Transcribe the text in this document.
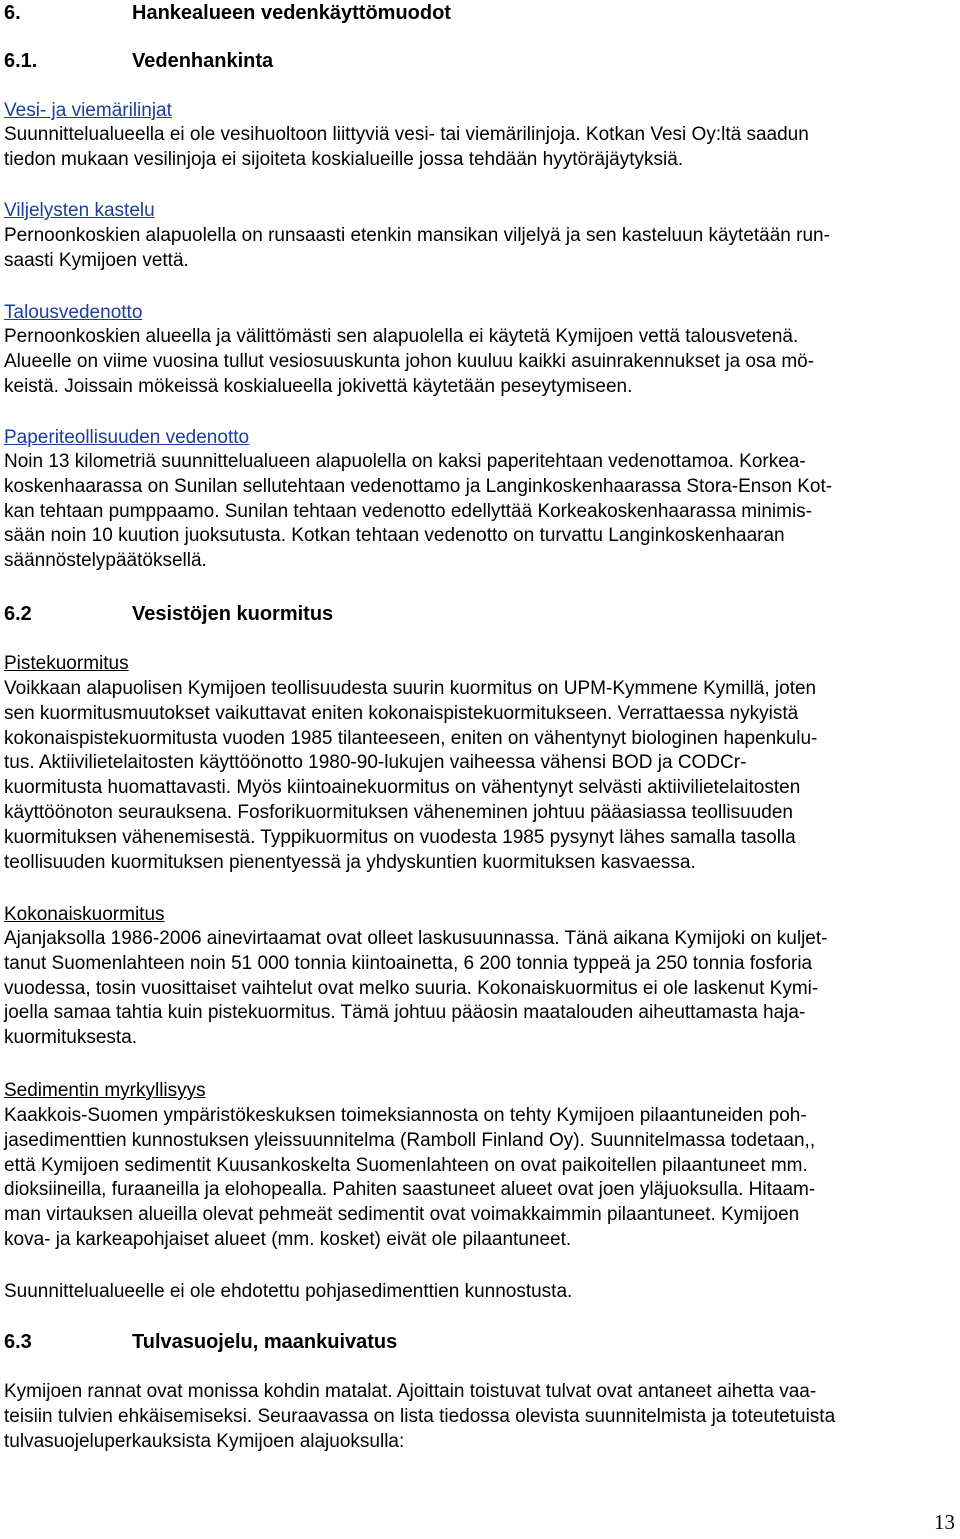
6.	Hankealueen vedenkäyttömuodot
6.1.	Vedenhankinta
Vesi- ja viemärilinjat
Suunnittelualueella ei ole vesihuoltoon liittyviä vesi- tai viemärilinjoja. Kotkan Vesi Oy:ltä saadun
tiedon mukaan vesilinjoja ei sijoiteta koskialueille jossa tehdään hyytöräjäytyksiä.
Viljelysten kastelu
Pernoonkoskien alapuolella on runsaasti etenkin mansikan viljelyä ja sen kasteluun käytetään run-
saasti Kymijoen vettä.
Talousvedenotto
Pernoonkoskien alueella ja välittömästi sen alapuolella ei käytetä Kymijoen vettä talousvetenä.
Alueelle on viime vuosina tullut vesiosuuskunta johon kuuluu kaikki asuinrakennukset ja osa mö-
keistä. Joissain mökeissä koskialueella jokivettä käytetään peseytymiseen.
Paperiteollisuuden vedenotto
Noin 13 kilometriä suunnittelualueen alapuolella on kaksi paperitehtaan vedenottamoa. Korkea-
koskenhaarassa on Sunilan sellutehtaan vedenottamo ja Langinkoskenhaarassa Stora-Enson Kot-
kan tehtaan pumppaamo. Sunilan tehtaan vedenotto edellyttää Korkeakoskenhaarassa minimis-
sään noin 10 kuution juoksutusta. Kotkan tehtaan vedenotto on turvattu Langinkoskenhaaran
säännöstelypäätöksellä.
6.2	Vesistöjen kuormitus
Pistekuormitus
Voikkaan alapuolisen Kymijoen teollisuudesta suurin kuormitus on UPM-Kymmene Kymillä, joten
sen kuormitusmuutokset vaikuttavat eniten kokonaispistekuormitukseen. Verrattaessa nykyistä
kokonaispistekuormitusta vuoden 1985 tilanteeseen, eniten on vähentynyt biologinen hapenkulu-
tus. Aktiivilietelaitosten käyttöönotto 1980-90-lukujen vaiheessa vähensi BOD ja CODCr-
kuormitusta huomattavasti. Myös kiintoainekuormitus on vähentynyt selvästi aktiivilietelaitosten
käyttöönoton seurauksena. Fosforikuormituksen väheneminen johtuu pääasiassa teollisuuden
kuormituksen vähenemisestä. Typpikuormitus on vuodesta 1985 pysynyt lähes samalla tasolla
teollisuuden kuormituksen pienentyessä ja yhdyskuntien kuormituksen kasvaessa.
Kokonaiskuormitus
Ajanjaksolla 1986-2006 ainevirtaamat ovat olleet laskusuunnassa. Tänä aikana Kymijoki on kuljet-
tanut Suomenlahteen noin 51 000 tonnia kiintoainetta, 6 200 tonnia typpeä ja 250 tonnia fosforia
vuodessa, tosin vuosittaiset vaihtelut ovat melko suuria. Kokonaiskuormitus ei ole laskenut Kymi-
joella samaa tahtia kuin pistekuormitus. Tämä johtuu pääosin maatalouden aiheuttamasta haja-
kuormituksesta.
Sedimentin myrkyllisyys
Kaakkois-Suomen ympäristökeskuksen toimeksiannosta on tehty Kymijoen pilaantuneiden poh-
jasedimenttien kunnostuksen yleissuunnitelma (Ramboll Finland Oy). Suunnitelmassa todetaan,,
että Kymijoen sedimentit Kuusankoskelta Suomenlahteen on ovat paikoitellen pilaantuneet mm.
dioksiineilla, furaaneilla ja elohopealla. Pahiten saastuneet alueet ovat joen yläjuoksulla. Hitaam-
man virtauksen alueilla olevat pehmeät sedimentit ovat voimakkaimmin pilaantuneet. Kymijoen
kova- ja karkeapohjaiset alueet (mm. kosket) eivät ole pilaantuneet.
Suunnittelualueelle ei ole ehdotettu pohjasedimenttien kunnostusta.
6.3	Tulvasuojelu, maankuivatus
Kymijoen rannat ovat monissa kohdin matalat. Ajoittain toistuvat tulvat ovat antaneet aihetta vaa-
teisiin tulvien ehkäisemiseksi. Seuraavassa on lista tiedossa olevista suunnitelmista ja toteutetuista
tulvasuojeluperkauksista Kymijoen alajuoksulla:
13
